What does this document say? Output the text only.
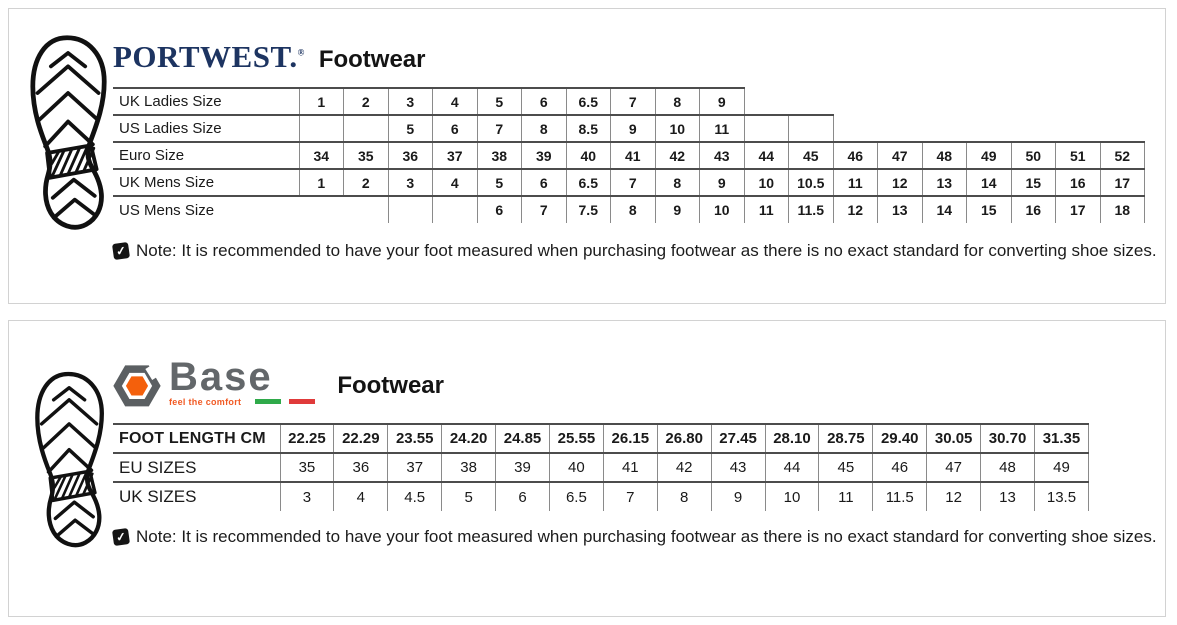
PORTWEST.® Footwear
UK Ladies Size	1	2	3	4	5	6	6.5	7	8	9									
US Ladies Size			5	6	7	8	8.5	9	10	11									
Euro Size	34	35	36	37	38	39	40	41	42	43	44	45	46	47	48	49	50	51	52
UK Mens Size	1	2	3	4	5	6	6.5	7	8	9	10	10.5	11	12	13	14	15	16	17
US Mens Size					6	7	7.5	8	9	10	11	11.5	12	13	14	15	16	17	18
✓ Note: It is recommended to have your foot measured when purchasing footwear as there is no exact standard for converting shoe sizes.
Base
feel the comfort
Footwear
FOOT LENGTH CM	22.25	22.29	23.55	24.20	24.85	25.55	26.15	26.80	27.45	28.10	28.75	29.40	30.05	30.70	31.35
EU SIZES	35	36	37	38	39	40	41	42	43	44	45	46	47	48	49
UK SIZES	3	4	4.5	5	6	6.5	7	8	9	10	11	11.5	12	13	13.5
✓ Note: It is recommended to have your foot measured when purchasing footwear as there is no exact standard for converting shoe sizes.
